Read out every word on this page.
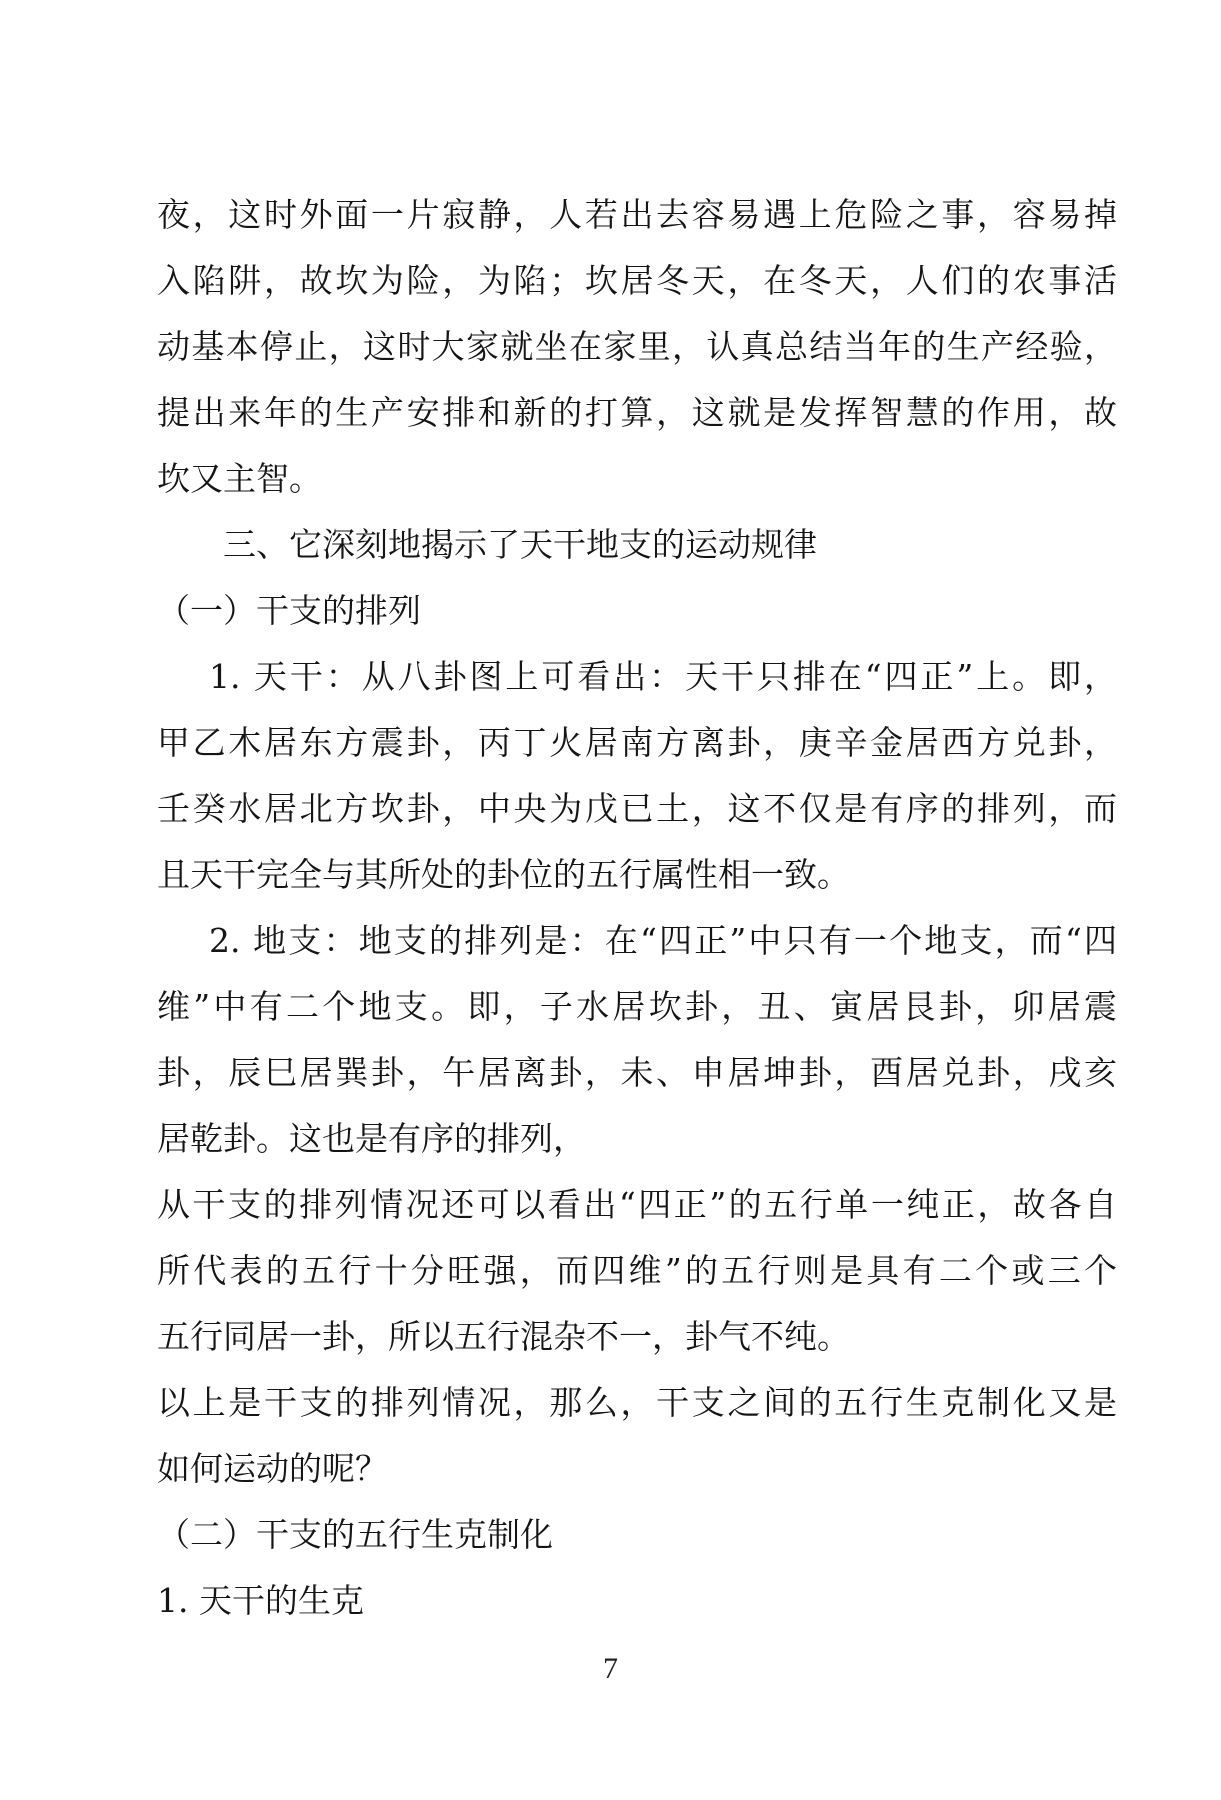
夜，这时外面一片寂静，人若出去容易遇上危险之事，容易掉
入陷阱，故坎为险，为陷；坎居冬天，在冬天，人们的农事活
动基本停止，这时大家就坐在家里，认真总结当年的生产经验，
提出来年的生产安排和新的打算，这就是发挥智慧的作用，故
坎又主智。
三、它深刻地揭示了天干地支的运动规律
（一）干支的排列
1. 天干：从八卦图上可看出：天干只排在“四正”上。即，
甲乙木居东方震卦，丙丁火居南方离卦，庚辛金居西方兑卦，
壬癸水居北方坎卦，中央为戊已土，这不仅是有序的排列，而
且天干完全与其所处的卦位的五行属性相一致。
2. 地支：地支的排列是：在“四正”中只有一个地支，而“四
维”中有二个地支。即，子水居坎卦，丑、寅居艮卦，卯居震
卦，辰巳居巽卦，午居离卦，未、申居坤卦，酉居兑卦，戌亥
居乾卦。这也是有序的排列，
从干支的排列情况还可以看出“四正”的五行单一纯正，故各自
所代表的五行十分旺强，而四维”的五行则是具有二个或三个
五行同居一卦，所以五行混杂不一，卦气不纯。
以上是干支的排列情况，那么，干支之间的五行生克制化又是
如何运动的呢？
（二）干支的五行生克制化
1. 天干的生克
7
